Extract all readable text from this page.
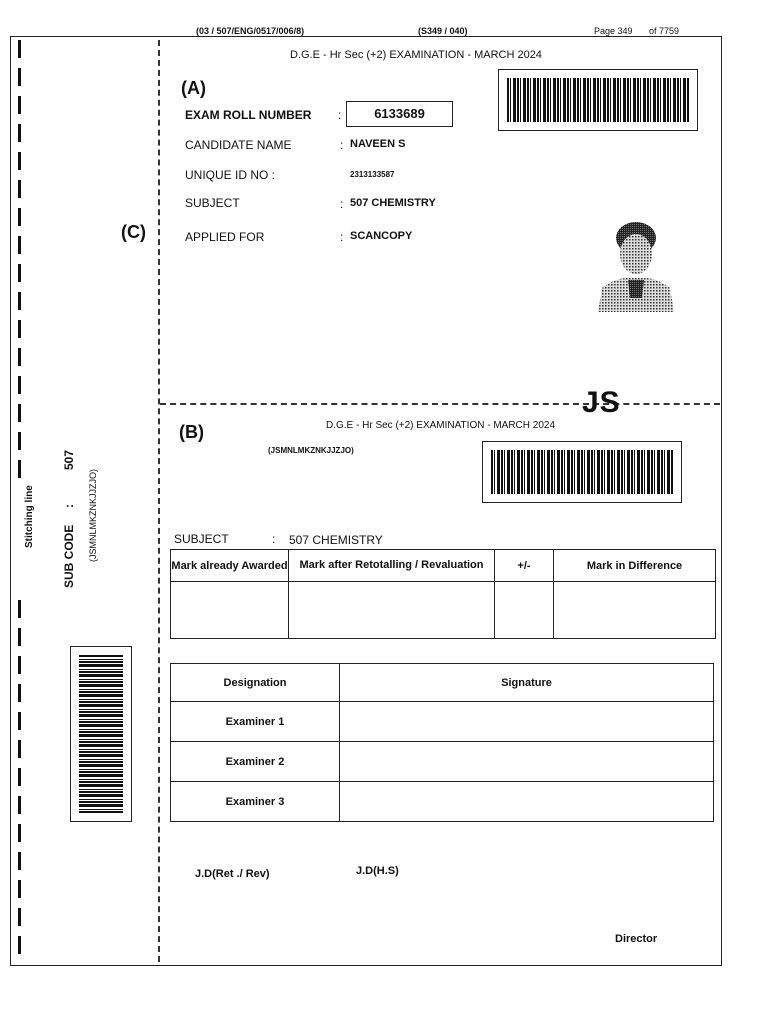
(03 / 507/ENG/0517/006/8)	(S349 / 040)	Page 349 of 7759
Stitching line
SUB CODE
:
507
(JSMNLMKZNKJJZJO)
(C)
D.G.E - Hr Sec (+2) EXAMINATION - MARCH 2024
(A)
EXAM ROLL NUMBER :	6133689
CANDIDATE NAME	: NAVEEN S
UNIQUE ID NO :	2313133587
SUBJECT	: 507 CHEMISTRY
APPLIED FOR	: SCANCOPY
JS
(B)	D.G.E - Hr Sec (+2) EXAMINATION - MARCH 2024
(JSMNLMKZNKJJZJO)
SUBJECT	: 507 CHEMISTRY
Mark already Awarded	Mark after Retotalling / Revaluation	+/-	Mark in Difference

Designation	Signature
Examiner 1	
Examiner 2	
Examiner 3	
J.D(Ret ./ Rev)	J.D(H.S)
Director
